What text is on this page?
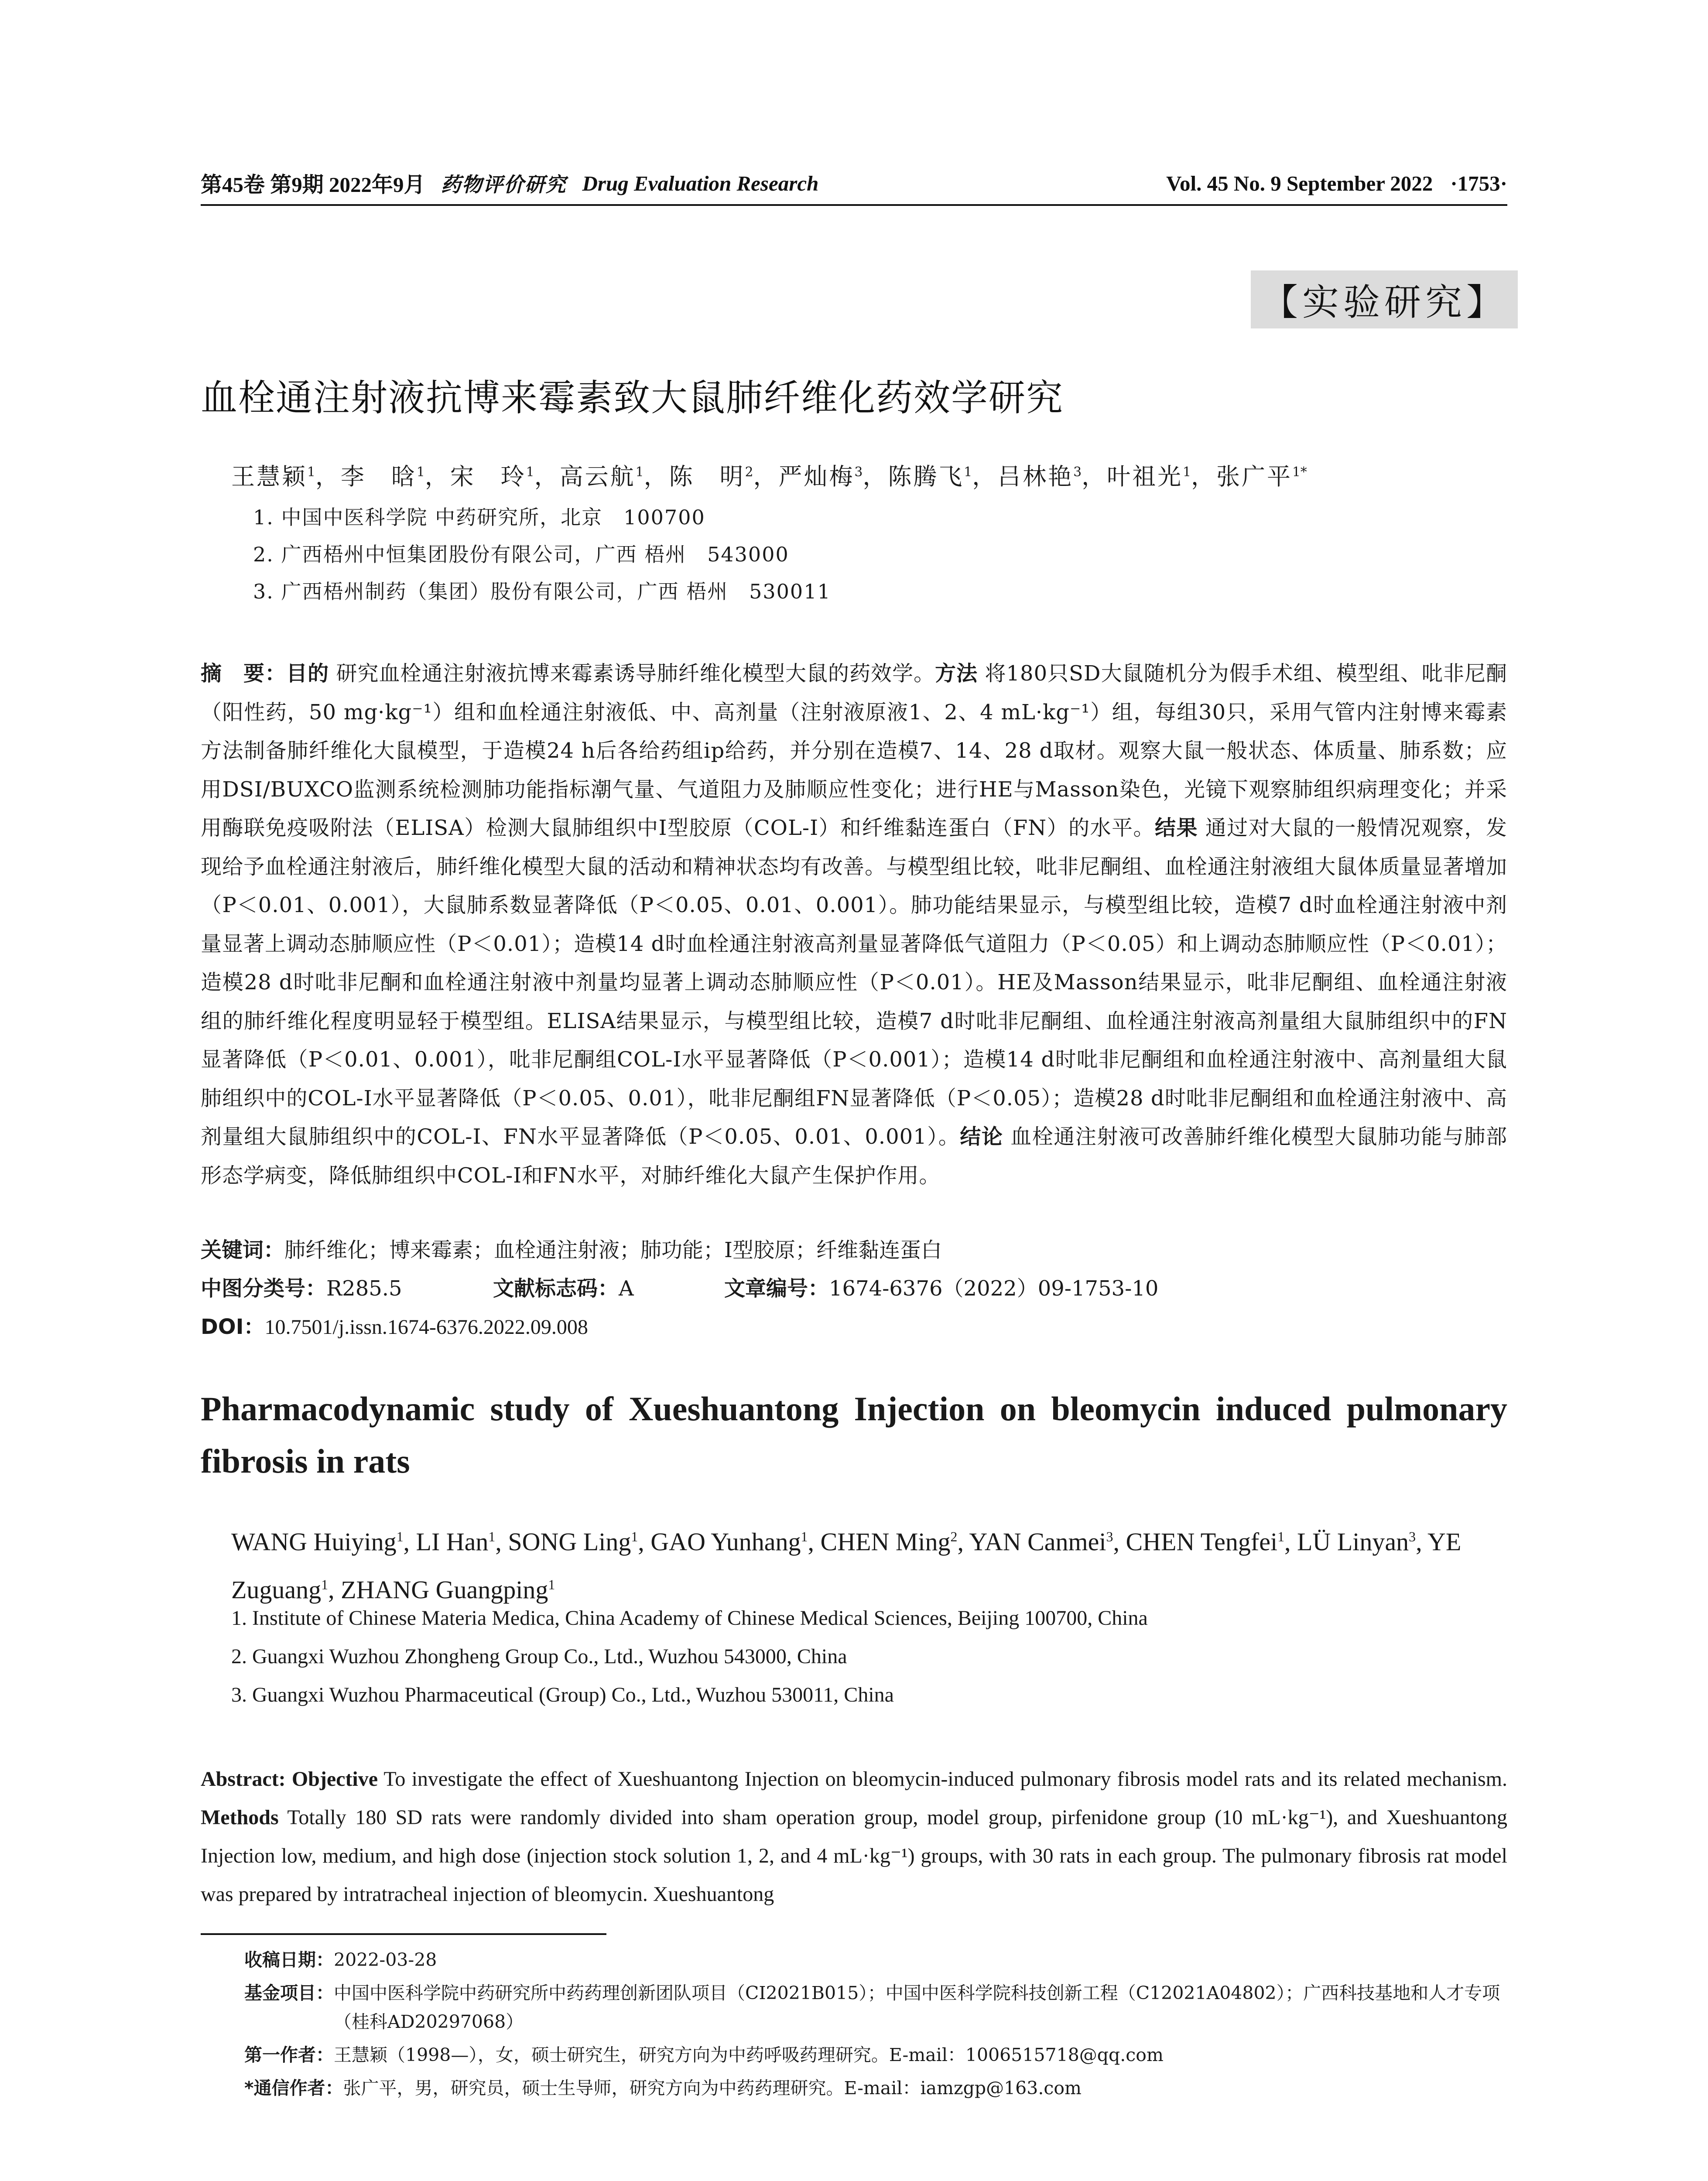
第45卷 第9期 2022年9月 药物评价研究 Drug Evaluation Research	Vol. 45 No. 9 September 2022 ·1753·
【实验研究】
血栓通注射液抗博来霉素致大鼠肺纤维化药效学研究
王慧颖$^1$，李　晗$^1$，宋　玲$^1$，高云航$^1$，陈　明$^2$，严灿梅$^3$，陈腾飞$^1$，吕林艳$^3$，叶祖光$^1$，张广平$^{1*}$
1. 中国中医科学院 中药研究所，北京　100700
2. 广西梧州中恒集团股份有限公司，广西 梧州　543000
3. 广西梧州制药（集团）股份有限公司，广西 梧州　530011
摘　要：目的 研究血栓通注射液抗博来霉素诱导肺纤维化模型大鼠的药效学。方法 将180只SD大鼠随机分为假手术组、模型组、吡非尼酮（阳性药，50 mg·kg⁻¹）组和血栓通注射液低、中、高剂量（注射液原液1、2、4 mL·kg⁻¹）组，每组30只，采用气管内注射博来霉素方法制备肺纤维化大鼠模型，于造模24 h后各给药组ip给药，并分别在造模7、14、28 d取材。观察大鼠一般状态、体质量、肺系数；应用DSI/BUXCO监测系统检测肺功能指标潮气量、气道阻力及肺顺应性变化；进行HE与Masson染色，光镜下观察肺组织病理变化；并采用酶联免疫吸附法（ELISA）检测大鼠肺组织中I型胶原（COL-I）和纤维黏连蛋白（FN）的水平。结果 通过对大鼠的一般情况观察，发现给予血栓通注射液后，肺纤维化模型大鼠的活动和精神状态均有改善。与模型组比较，吡非尼酮组、血栓通注射液组大鼠体质量显著增加（P＜0.01、0.001），大鼠肺系数显著降低（P＜0.05、0.01、0.001）。肺功能结果显示，与模型组比较，造模7 d时血栓通注射液中剂量显著上调动态肺顺应性（P＜0.01）；造模14 d时血栓通注射液高剂量显著降低气道阻力（P＜0.05）和上调动态肺顺应性（P＜0.01）；造模28 d时吡非尼酮和血栓通注射液中剂量均显著上调动态肺顺应性（P＜0.01）。HE及Masson结果显示，吡非尼酮组、血栓通注射液组的肺纤维化程度明显轻于模型组。ELISA结果显示，与模型组比较，造模7 d时吡非尼酮组、血栓通注射液高剂量组大鼠肺组织中的FN显著降低（P＜0.01、0.001），吡非尼酮组COL-I水平显著降低（P＜0.001）；造模14 d时吡非尼酮组和血栓通注射液中、高剂量组大鼠肺组织中的COL-I水平显著降低（P＜0.05、0.01），吡非尼酮组FN显著降低（P＜0.05）；造模28 d时吡非尼酮组和血栓通注射液中、高剂量组大鼠肺组织中的COL-I、FN水平显著降低（P＜0.05、0.01、0.001）。结论 血栓通注射液可改善肺纤维化模型大鼠肺功能与肺部形态学病变，降低肺组织中COL-I和FN水平，对肺纤维化大鼠产生保护作用。
关键词：肺纤维化；博来霉素；血栓通注射液；肺功能；I型胶原；纤维黏连蛋白
中图分类号：R285.5	文献标志码：A	文章编号：1674-6376（2022）09-1753-10
DOI：10.7501/j.issn.1674-6376.2022.09.008
Pharmacodynamic study of Xueshuantong Injection on bleomycin induced pulmonary fibrosis in rats
WANG Huiying$^1$, LI Han$^1$, SONG Ling$^1$, GAO Yunhang$^1$, CHEN Ming$^2$, YAN Canmei$^3$, CHEN Tengfei$^1$, LÜ Linyan$^3$, YE Zuguang$^1$, ZHANG Guangping$^1$
1. Institute of Chinese Materia Medica, China Academy of Chinese Medical Sciences, Beijing 100700, China
2. Guangxi Wuzhou Zhongheng Group Co., Ltd., Wuzhou 543000, China
3. Guangxi Wuzhou Pharmaceutical (Group) Co., Ltd., Wuzhou 530011, China
Abstract: Objective To investigate the effect of Xueshuantong Injection on bleomycin-induced pulmonary fibrosis model rats and its related mechanism. Methods Totally 180 SD rats were randomly divided into sham operation group, model group, pirfenidone group (10 mL·kg⁻¹), and Xueshuantong Injection low, medium, and high dose (injection stock solution 1, 2, and 4 mL·kg⁻¹) groups, with 30 rats in each group. The pulmonary fibrosis rat model was prepared by intratracheal injection of bleomycin. Xueshuantong
收稿日期： 2022-03-28
基金项目： 中国中医科学院中药研究所中药药理创新团队项目（CI2021B015）；中国中医科学院科技创新工程（C12021A04802）；广西科技基地和人才专项（桂科AD20297068）
第一作者： 王慧颖（1998—），女，硕士研究生，研究方向为中药呼吸药理研究。E-mail：1006515718@qq.com
*通信作者： 张广平，男，研究员，硕士生导师，研究方向为中药药理研究。E-mail：iamzgp@163.com
